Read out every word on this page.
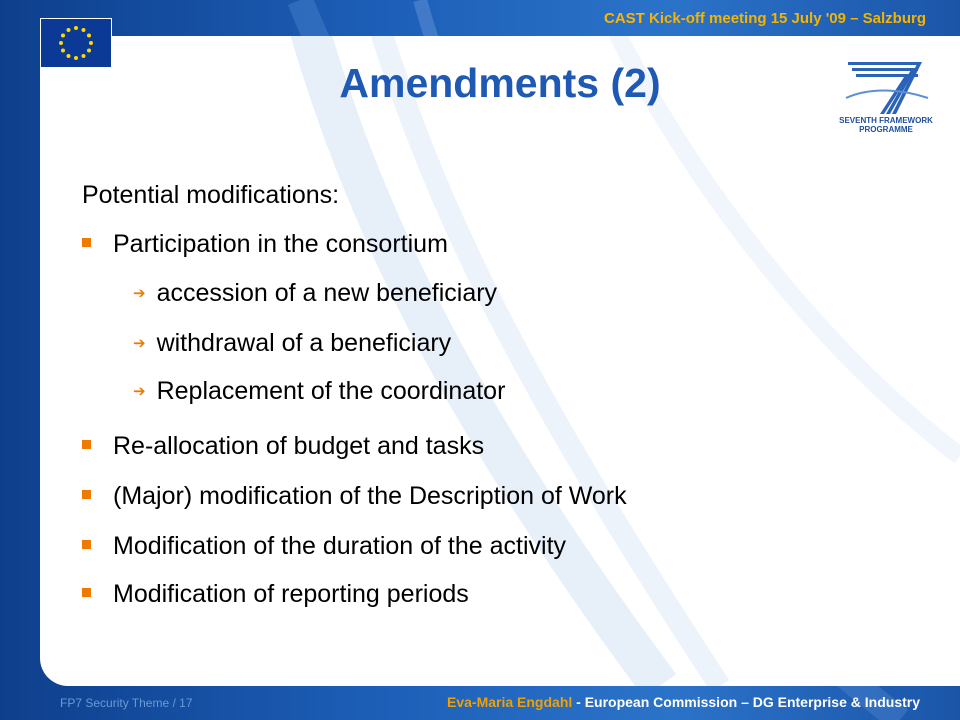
CAST Kick-off meeting 15 July '09 – Salzburg
Amendments (2)
SEVENTH FRAMEWORK
PROGRAMME
Potential modifications:
Participation in the consortium
➔ accession of a new beneficiary
➔ withdrawal of a beneficiary
➔ Replacement of the coordinator
Re-allocation of budget and tasks
(Major) modification of the Description of Work
Modification of the duration of the activity
Modification of reporting periods
FP7 Security Theme / 17	Eva-Maria Engdahl - European Commission – DG Enterprise & Industry
